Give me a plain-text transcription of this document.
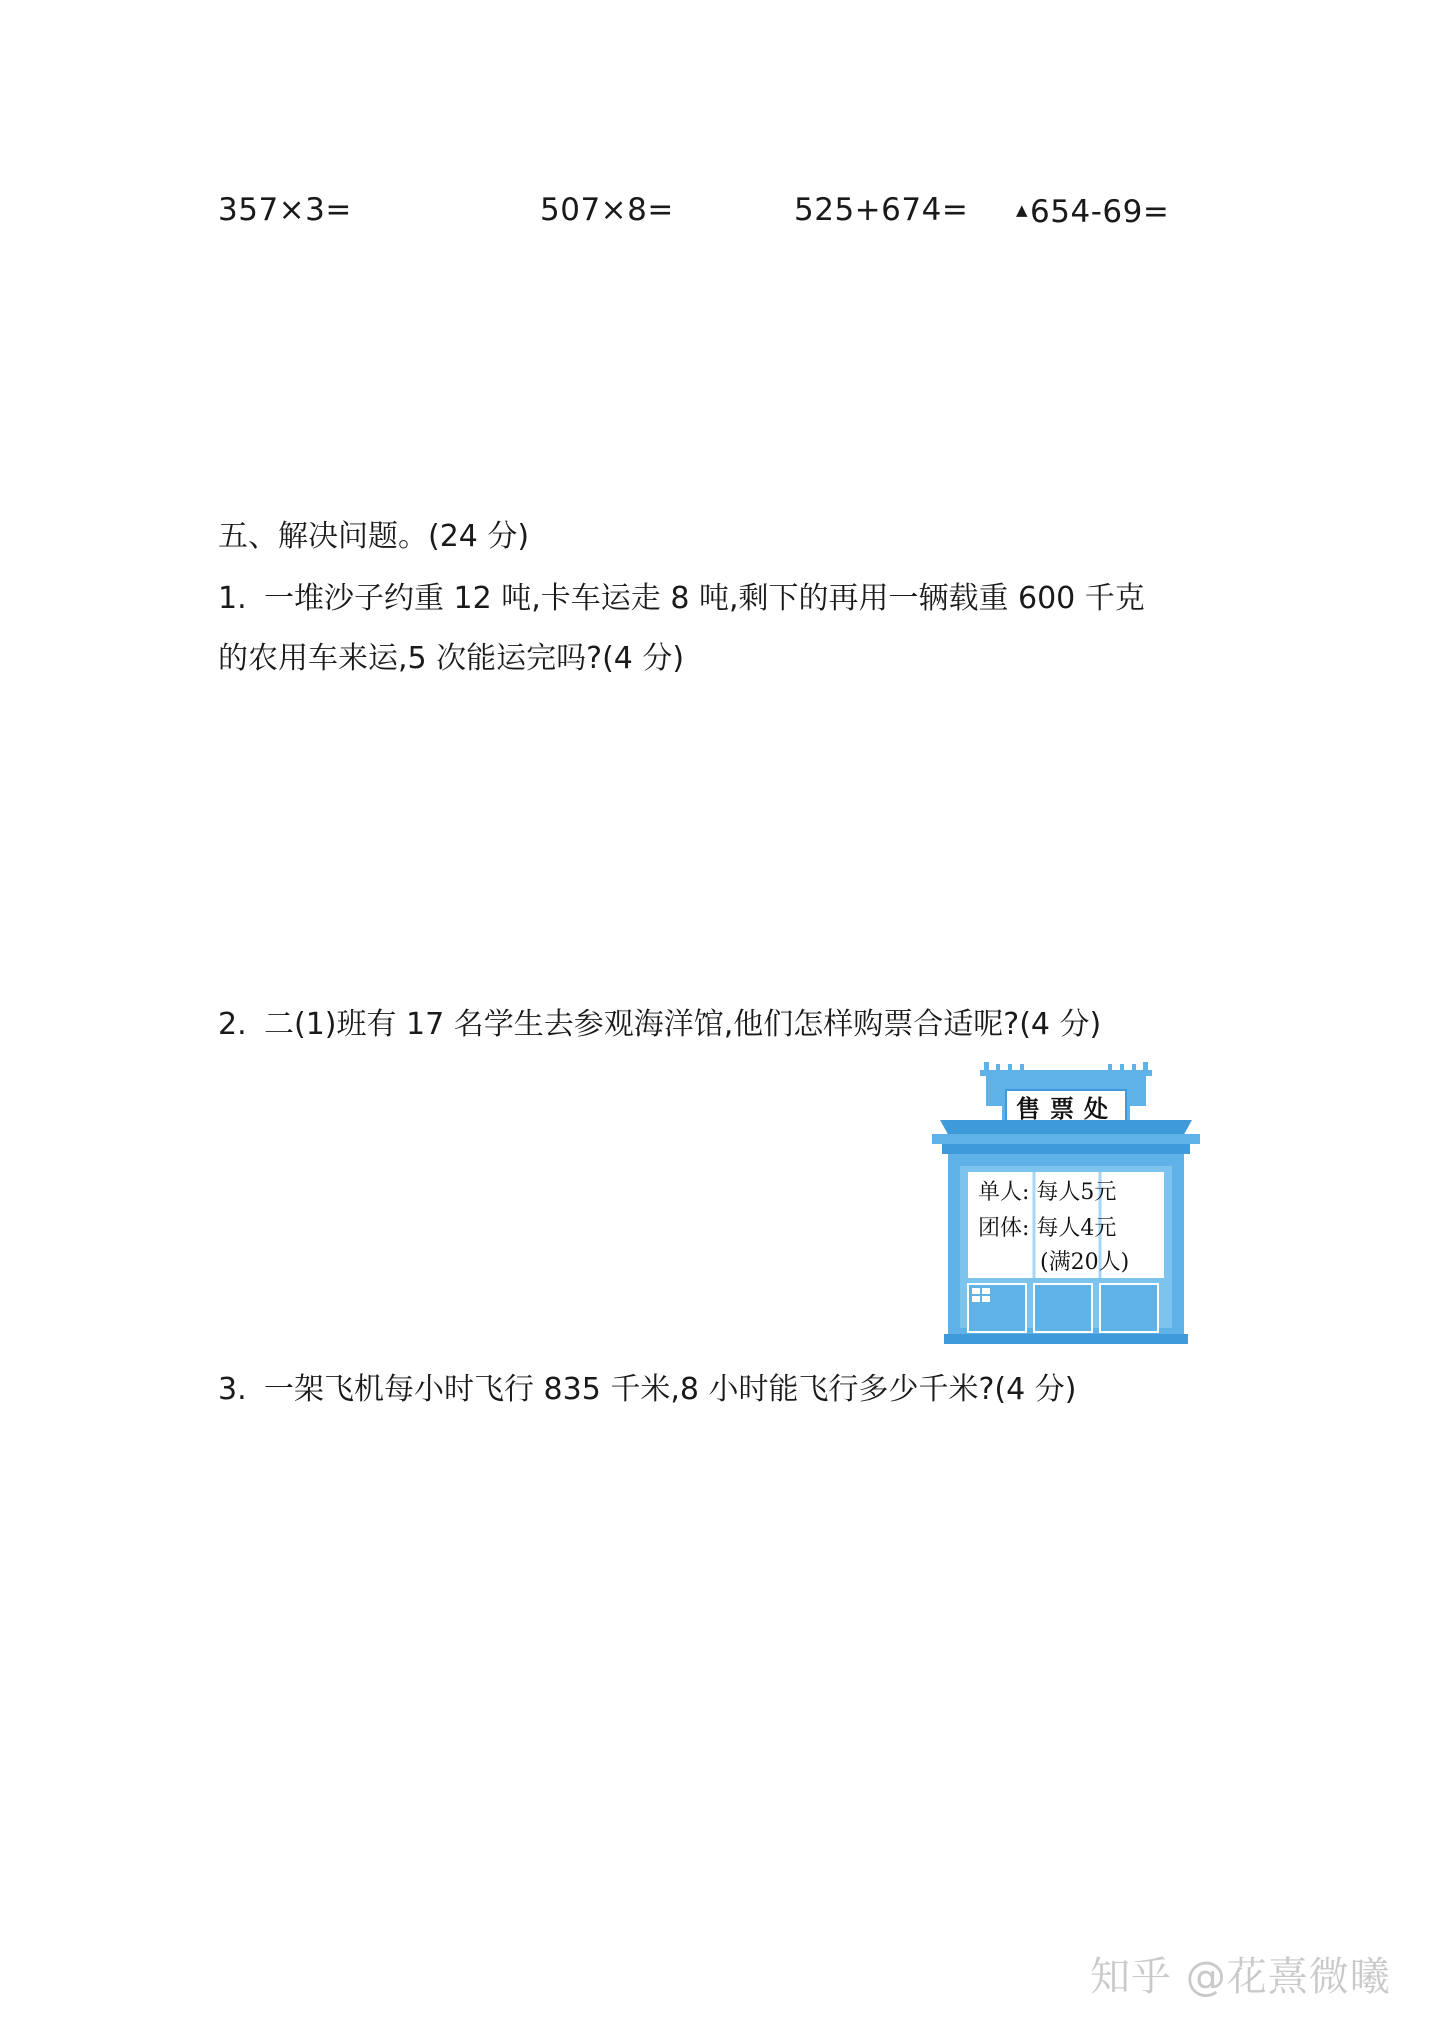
357×3=	507×8=	525+674=	▲654-69=
五、解决问题。(24 分)
1. 一堆沙子约重 12 吨,卡车运走 8 吨,剩下的再用一辆载重 600 千克
的农用车来运,5 次能运完吗?(4 分)
2. 二(1)班有 17 名学生去参观海洋馆,他们怎样购票合适呢?(4 分)
售票处
单人: 每人5元
团体: 每人4元
(满20人)
3. 一架飞机每小时飞行 835 千米,8 小时能飞行多少千米?(4 分)
知乎 @花熹微曦
